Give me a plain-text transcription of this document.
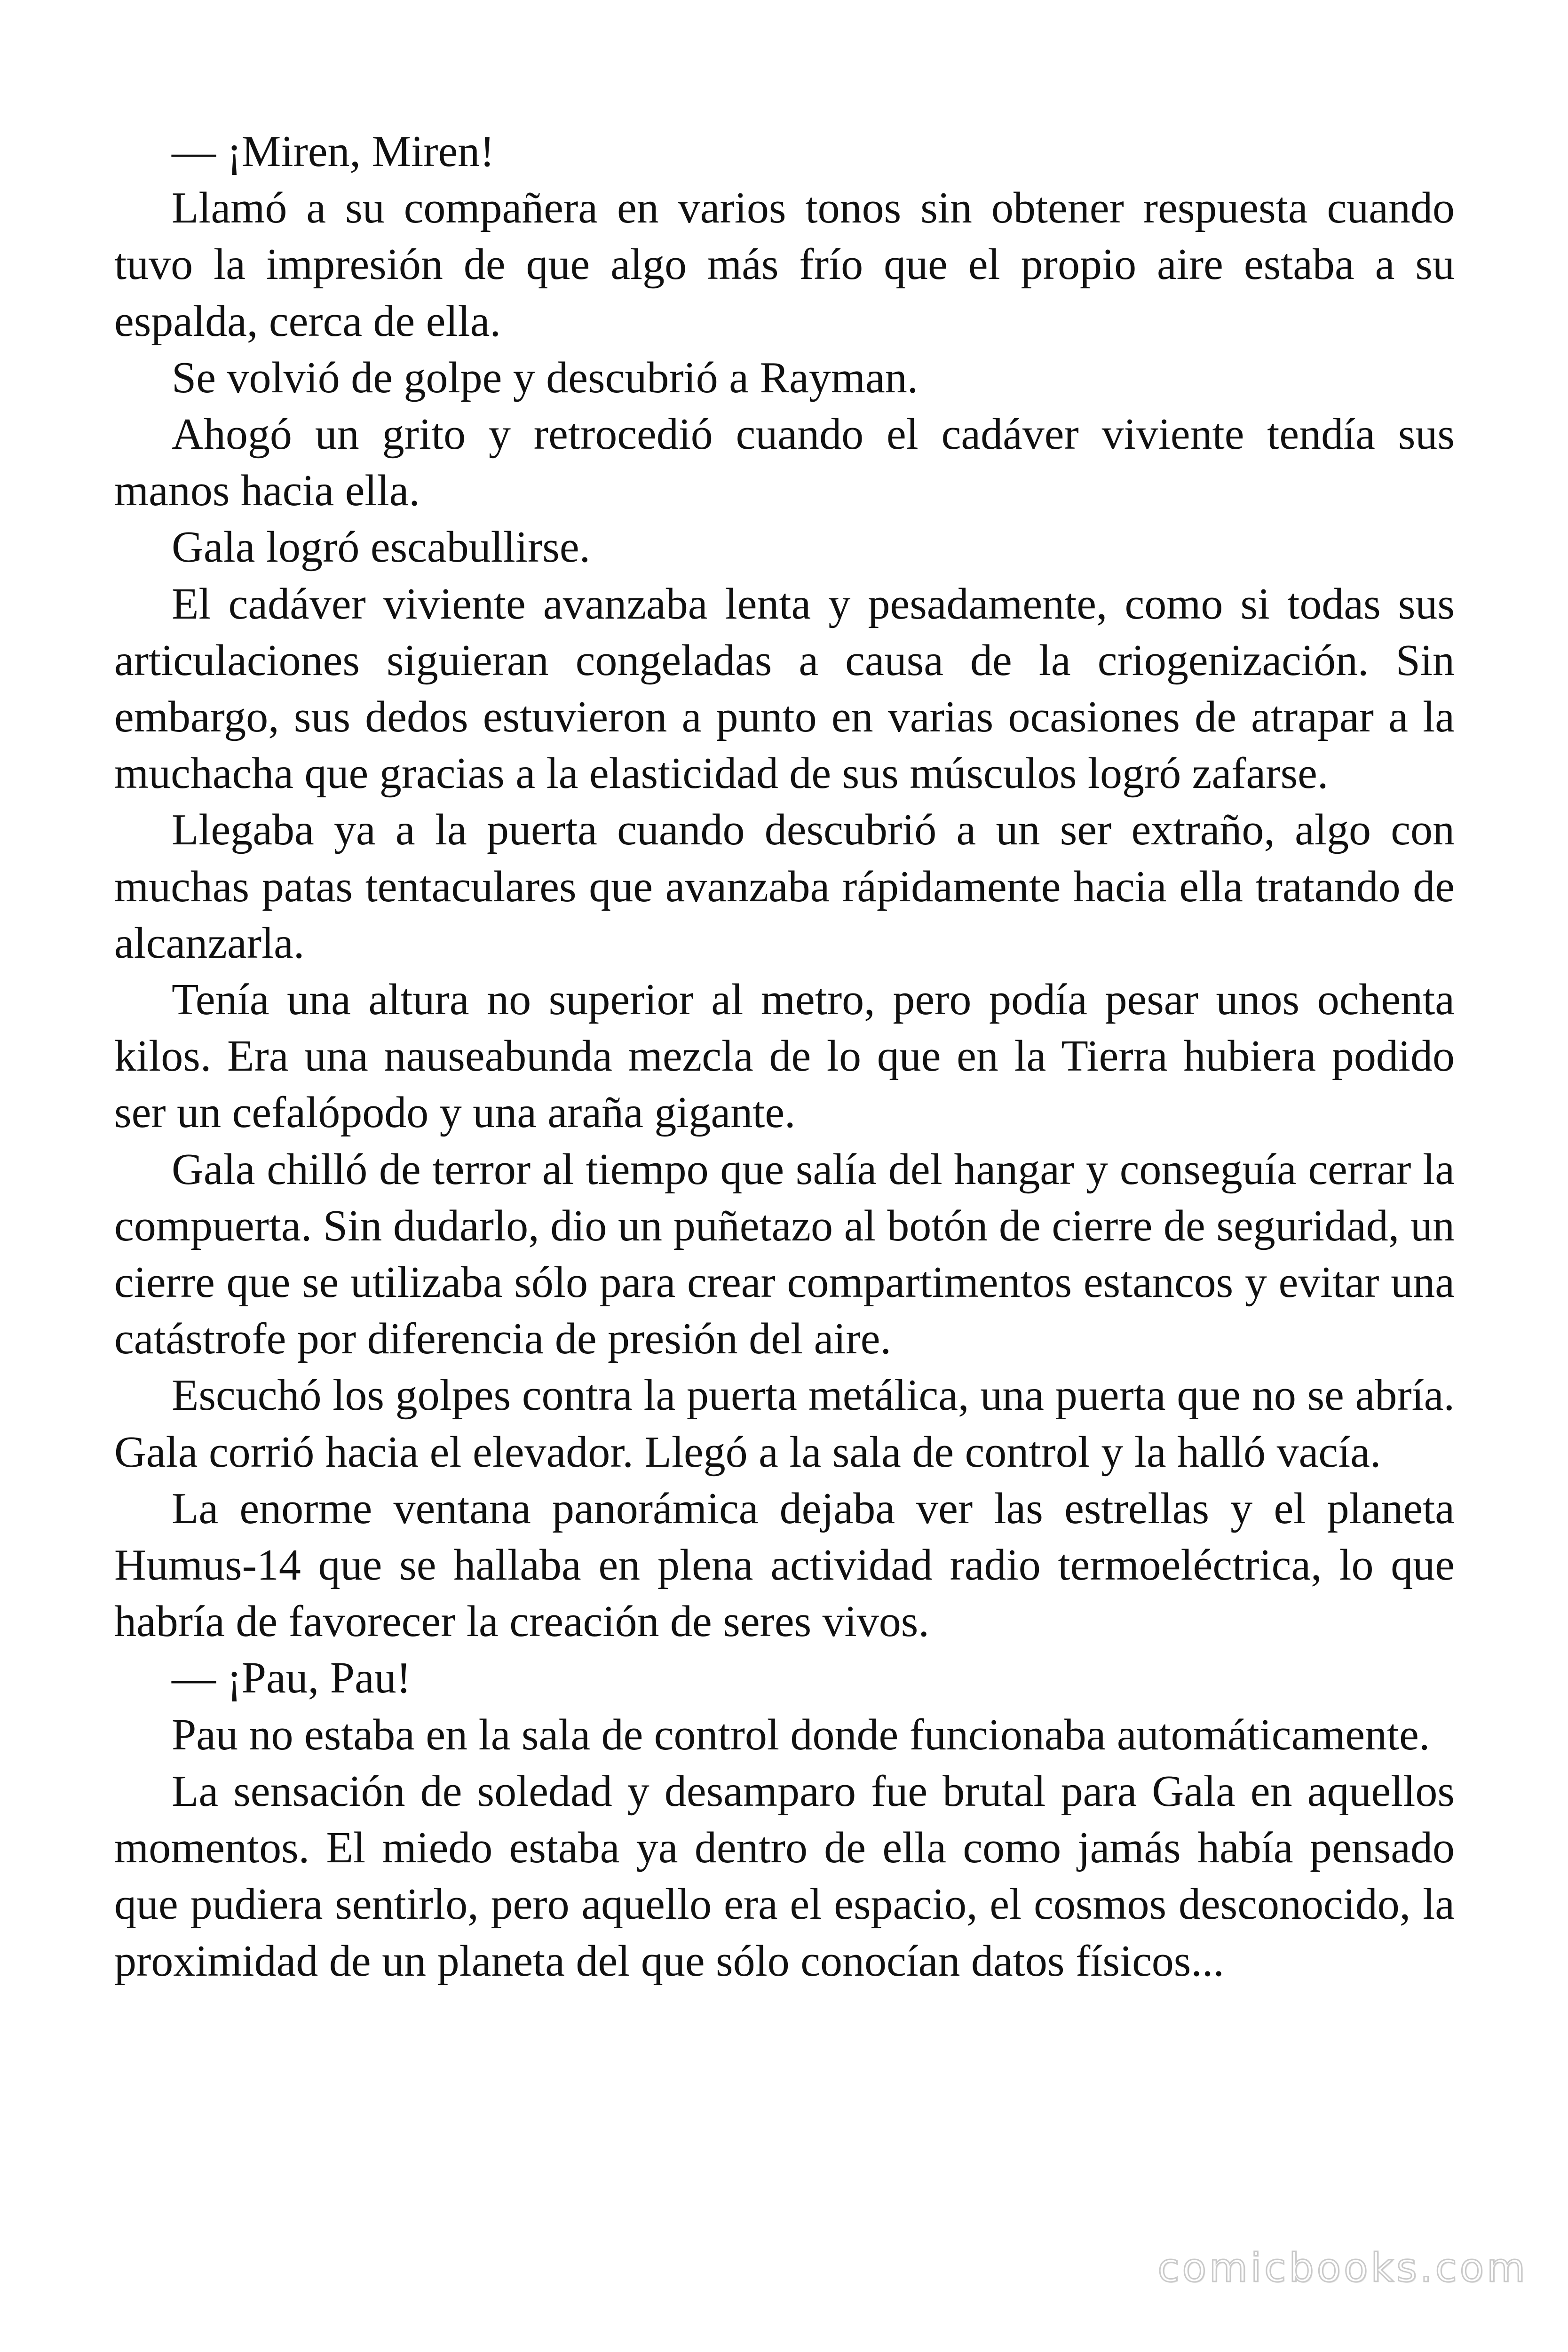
— ¡Miren, Miren!

Llamó a su compañera en varios tonos sin obtener respuesta cuando tuvo la impresión de que algo más frío que el propio aire estaba a su espalda, cerca de ella.

Se volvió de golpe y descubrió a Rayman.

Ahogó un grito y retrocedió cuando el cadáver viviente tendía sus manos hacia ella.

Gala logró escabullirse.

El cadáver viviente avanzaba lenta y pesadamente, como si todas sus articulaciones siguieran congeladas a causa de la criogenización. Sin embargo, sus dedos estuvieron a punto en varias ocasiones de atrapar a la muchacha que gracias a la elasticidad de sus músculos logró zafarse.

Llegaba ya a la puerta cuando descubrió a un ser extraño, algo con muchas patas tentaculares que avanzaba rápidamente hacia ella tratando de alcanzarla.

Tenía una altura no superior al metro, pero podía pesar unos ochenta kilos. Era una nauseabunda mezcla de lo que en la Tierra hubiera podido ser un cefalópodo y una araña gigante.

Gala chilló de terror al tiempo que salía del hangar y conseguía cerrar la compuerta. Sin dudarlo, dio un puñetazo al botón de cierre de seguridad, un cierre que se utilizaba sólo para crear compartimentos estancos y evitar una catástrofe por diferencia de presión del aire.

Escuchó los golpes contra la puerta metálica, una puerta que no se abría. Gala corrió hacia el elevador. Llegó a la sala de control y la halló vacía.

La enorme ventana panorámica dejaba ver las estrellas y el planeta Humus-14 que se hallaba en plena actividad radio termoeléctrica, lo que habría de favorecer la creación de seres vivos.

— ¡Pau, Pau!

Pau no estaba en la sala de control donde funcionaba automáticamente.

La sensación de soledad y desamparo fue brutal para Gala en aquellos momentos. El miedo estaba ya dentro de ella como jamás había pensado que pudiera sentirlo, pero aquello era el espacio, el cosmos desconocido, la proximidad de un planeta del que sólo conocían datos físicos...

comicbooks.com
